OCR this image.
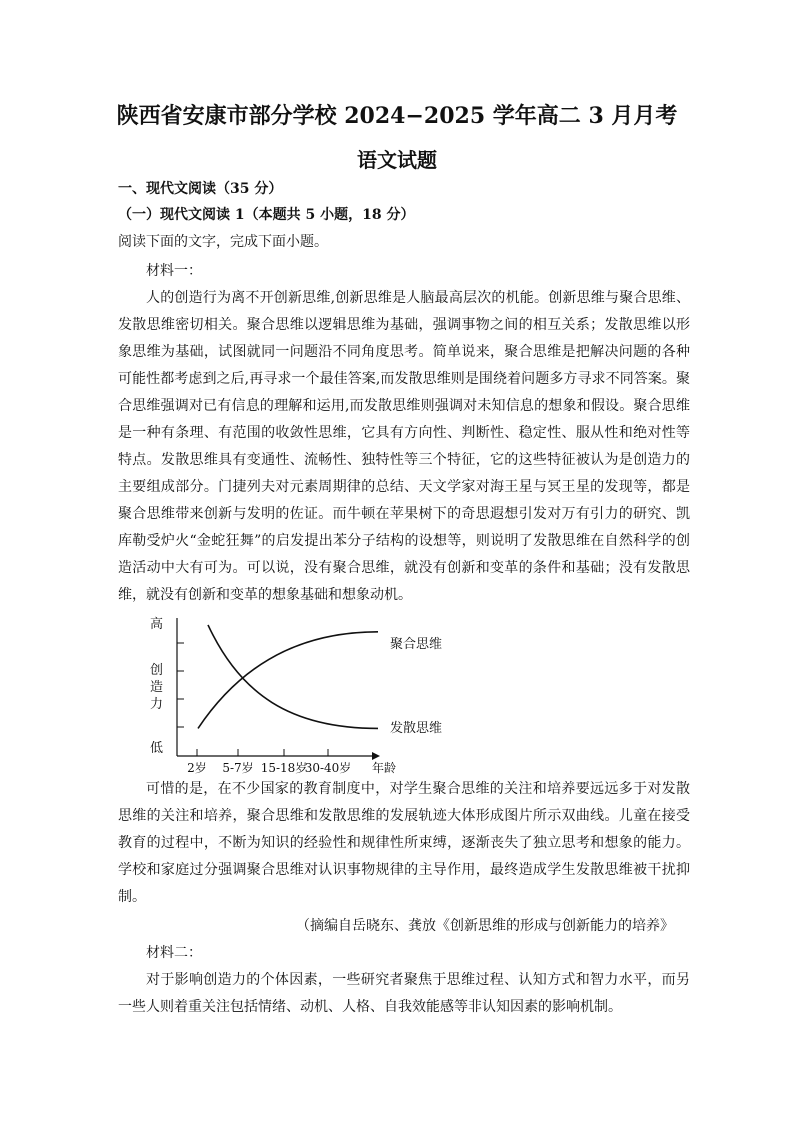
陕西省安康市部分学校 2024−2025 学年高二 3 月月考
语文试题
一、现代文阅读（35 分）
（一）现代文阅读 1（本题共 5 小题，18 分）
阅读下面的文字，完成下面小题。
材料一：
人的创造行为离不开创新思维,创新思维是人脑最高层次的机能。创新思维与聚合思维、发散思维密切相关。聚合思维以逻辑思维为基础，强调事物之间的相互关系；发散思维以形象思维为基础，试图就同一问题沿不同角度思考。简单说来，聚合思维是把解决问题的各种可能性都考虑到之后,再寻求一个最佳答案,而发散思维则是围绕着问题多方寻求不同答案。聚合思维强调对已有信息的理解和运用,而发散思维则强调对未知信息的想象和假设。聚合思维是一种有条理、有范围的收敛性思维，它具有方向性、判断性、稳定性、服从性和绝对性等特点。发散思维具有变通性、流畅性、独特性等三个特征，它的这些特征被认为是创造力的主要组成部分。门捷列夫对元素周期律的总结、天文学家对海王星与冥王星的发现等，都是聚合思维带来创新与发明的佐证。而牛顿在苹果树下的奇思遐想引发对万有引力的研究、凯库勒受炉火“金蛇狂舞”的启发提出苯分子结构的设想等，则说明了发散思维在自然科学的创造活动中大有可为。可以说，没有聚合思维，就没有创新和变革的条件和基础；没有发散思维，就没有创新和变革的想象基础和想象动机。
高
创 造 力
低
2岁 5-7岁 15-18岁
30-40岁 年龄
聚合思维
发散思维
可惜的是，在不少国家的教育制度中，对学生聚合思维的关注和培养要远远多于对发散思维的关注和培养，聚合思维和发散思维的发展轨迹大体形成图片所示双曲线。儿童在接受教育的过程中，不断为知识的经验性和规律性所束缚，逐渐丧失了独立思考和想象的能力。学校和家庭过分强调聚合思维对认识事物规律的主导作用，最终造成学生发散思维被干扰抑制。
（摘编自岳晓东、龚放《创新思维的形成与创新能力的培养》
材料二：
对于影响创造力的个体因素，一些研究者聚焦于思维过程、认知方式和智力水平，而另一些人则着重关注包括情绪、动机、人格、自我效能感等非认知因素的影响机制。
